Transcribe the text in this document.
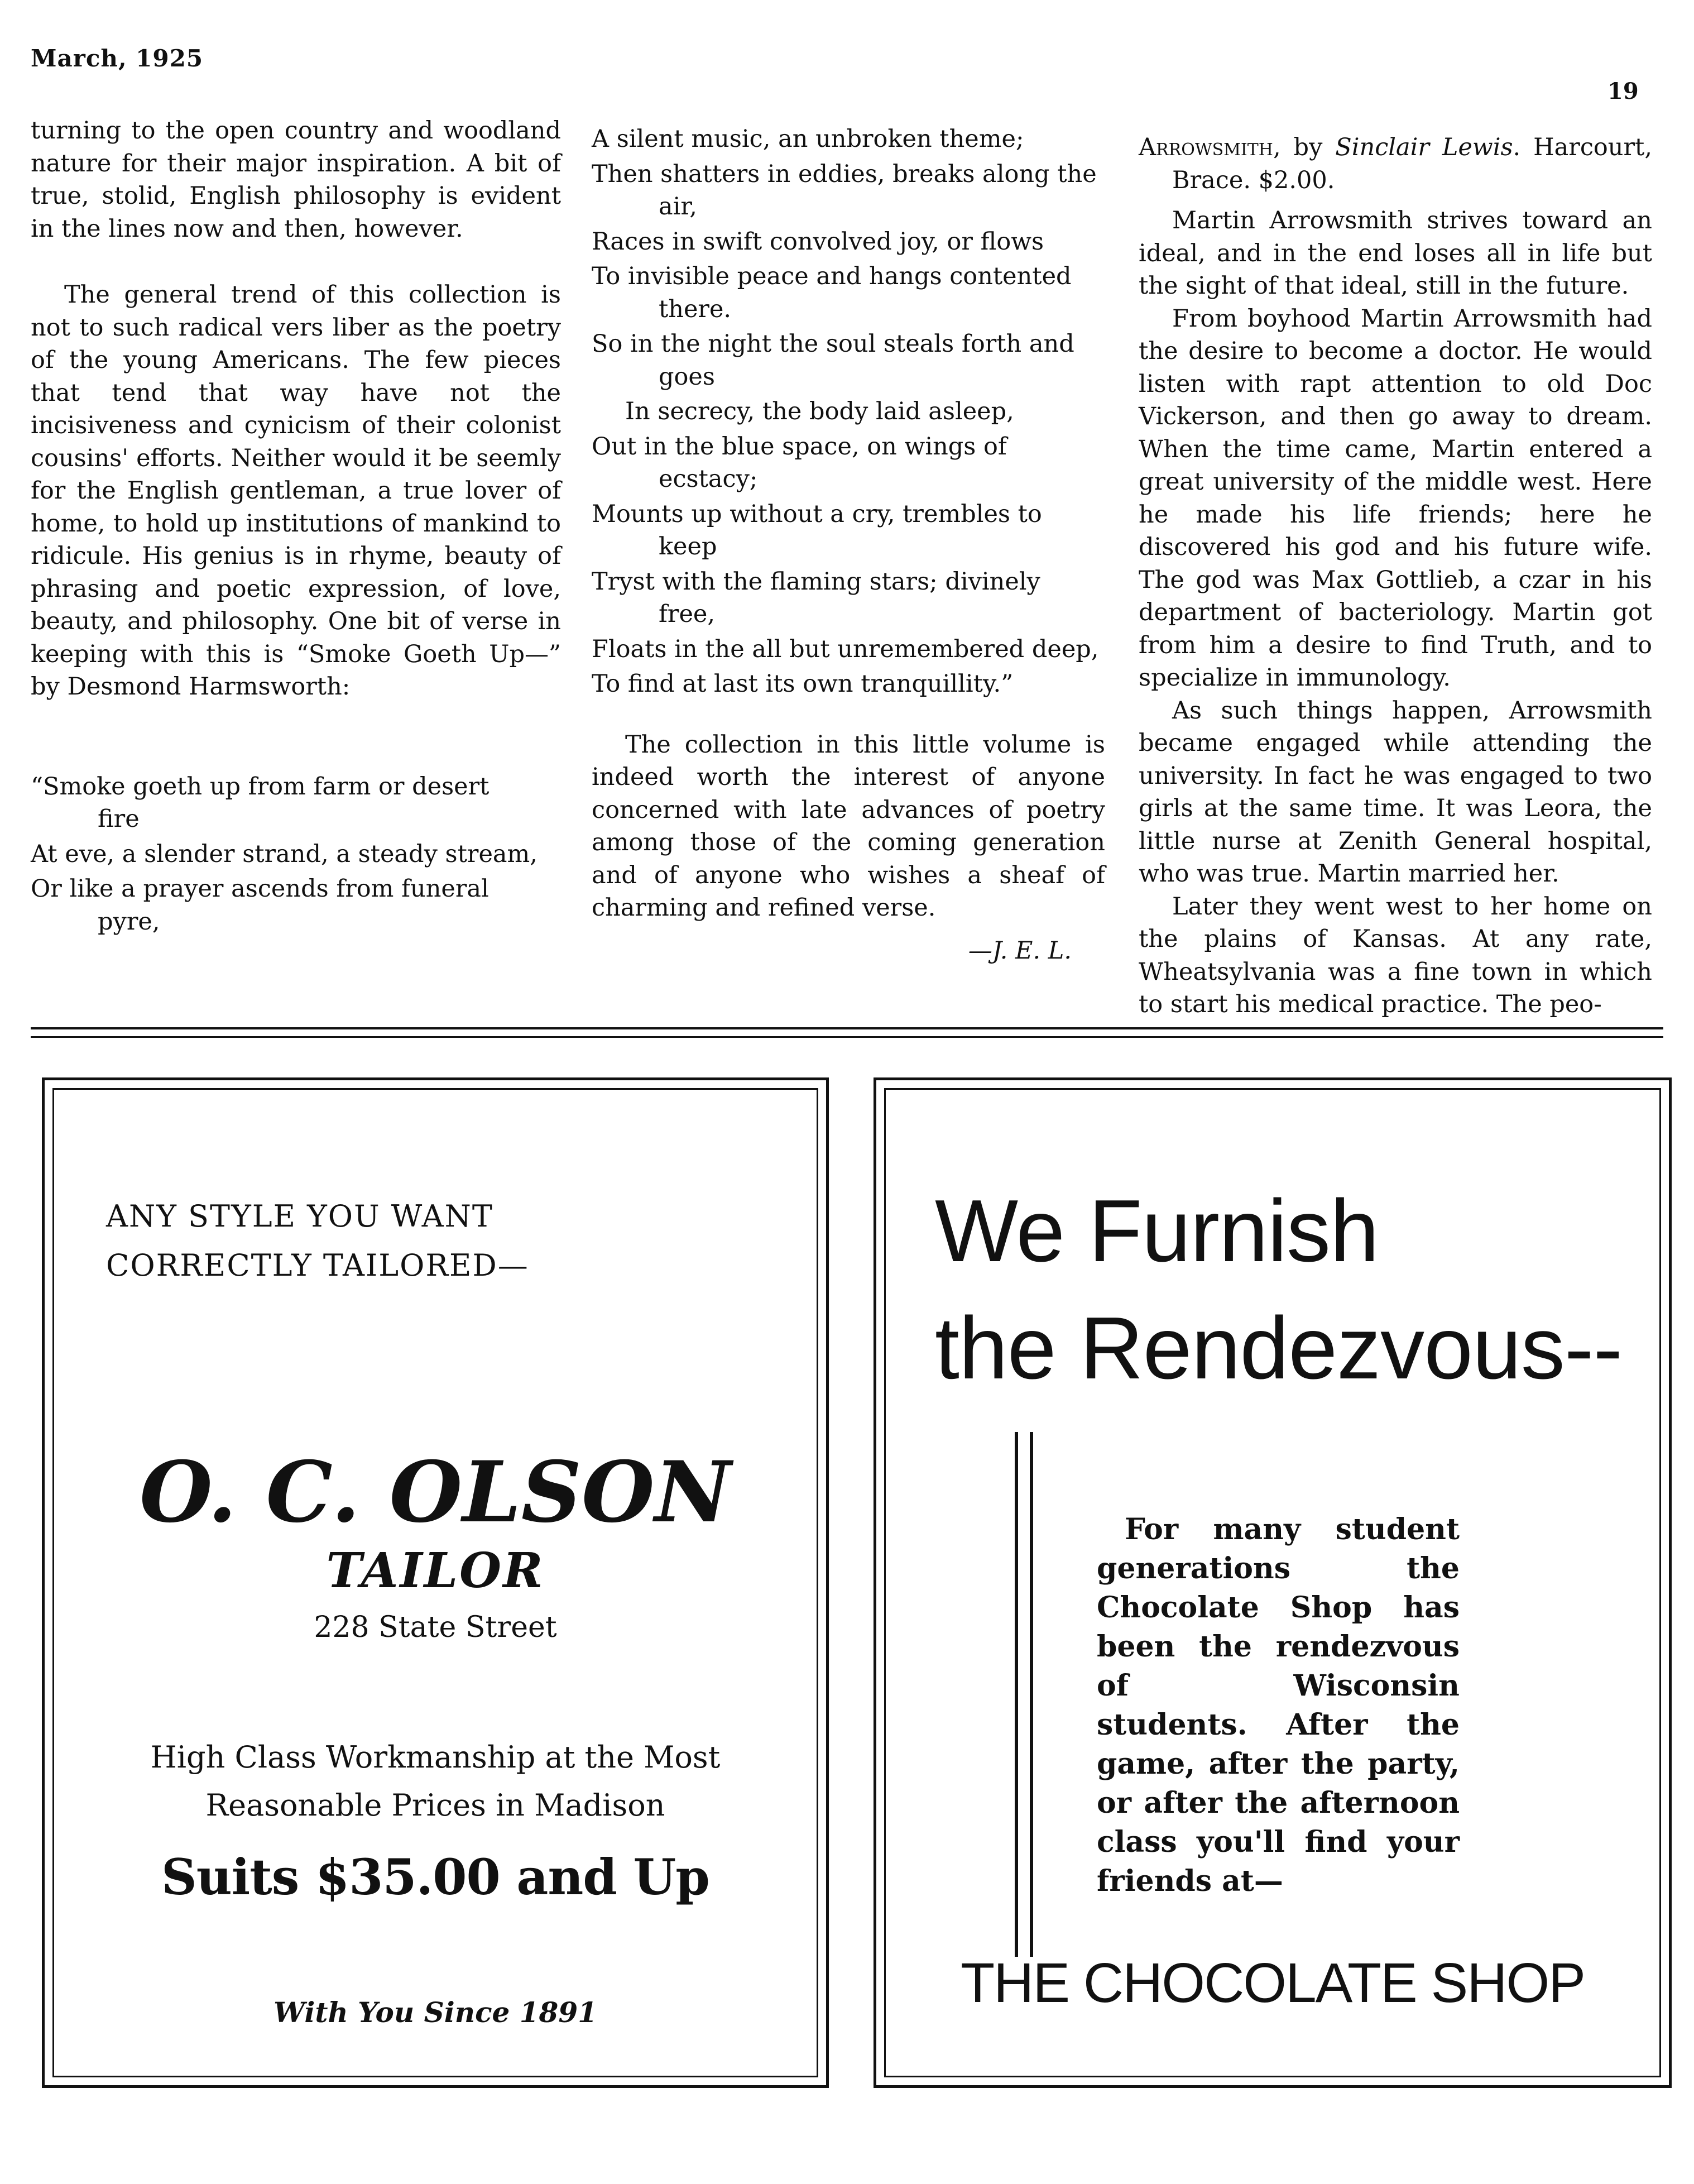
March, 1925
19

turning to the open country and woodland nature for their major inspiration. A bit of true, stolid, English philosophy is evident in the lines now and then, however.

The general trend of this collection is not to such radical vers liber as the poetry of the young Americans. The few pieces that tend that way have not the incisiveness and cynicism of their colonist cousins' efforts. Neither would it be seemly for the English gentleman, a true lover of home, to hold up institutions of mankind to ridicule. His genius is in rhyme, beauty of phrasing and poetic expression, of love, beauty, and philosophy. One bit of verse in keeping with this is “Smoke Goeth Up—” by Desmond Harmsworth:

“Smoke goeth up from farm or desert
fire
At eve, a slender strand, a steady stream,
Or like a prayer ascends from funeral
pyre,
A silent music, an unbroken theme;
Then shatters in eddies, breaks along the
air,
Races in swift convolved joy, or flows
To invisible peace and hangs contented
there.
So in the night the soul steals forth and
goes
In secrecy, the body laid asleep,
Out in the blue space, on wings of
ecstacy;
Mounts up without a cry, trembles to
keep
Tryst with the flaming stars; divinely
free,
Floats in the all but unremembered deep,
To find at last its own tranquillity.”

The collection in this little volume is indeed worth the interest of anyone concerned with late advances of poetry among those of the coming generation and of anyone who wishes a sheaf of charming and refined verse.

—J. E. L.

Arrowsmith, by Sinclair Lewis. Harcourt, Brace. $2.00.

Martin Arrowsmith strives toward an ideal, and in the end loses all in life but the sight of that ideal, still in the future.

From boyhood Martin Arrowsmith had the desire to become a doctor. He would listen with rapt attention to old Doc Vickerson, and then go away to dream. When the time came, Martin entered a great university of the middle west. Here he made his life friends; here he discovered his god and his future wife. The god was Max Gottlieb, a czar in his department of bacteriology. Martin got from him a desire to find Truth, and to specialize in immunology.

As such things happen, Arrowsmith became engaged while attending the university. In fact he was engaged to two girls at the same time. It was Leora, the little nurse at Zenith General hospital, who was true. Martin married her.

Later they went west to her home on the plains of Kansas. At any rate, Wheatsylvania was a fine town in which to start his medical practice. The peo-

ANY STYLE YOU WANT
CORRECTLY TAILORED—
O. C. OLSON
TAILOR
228 State Street
High Class Workmanship at the Most
Reasonable Prices in Madison
Suits $35.00 and Up
With You Since 1891
We Furnish
the Rendezvous--
For many student generations the Chocolate Shop has been the rendezvous of Wisconsin students. After the game, after the party, or after the afternoon class you'll find your friends at—
THE CHOCOLATE SHOP
